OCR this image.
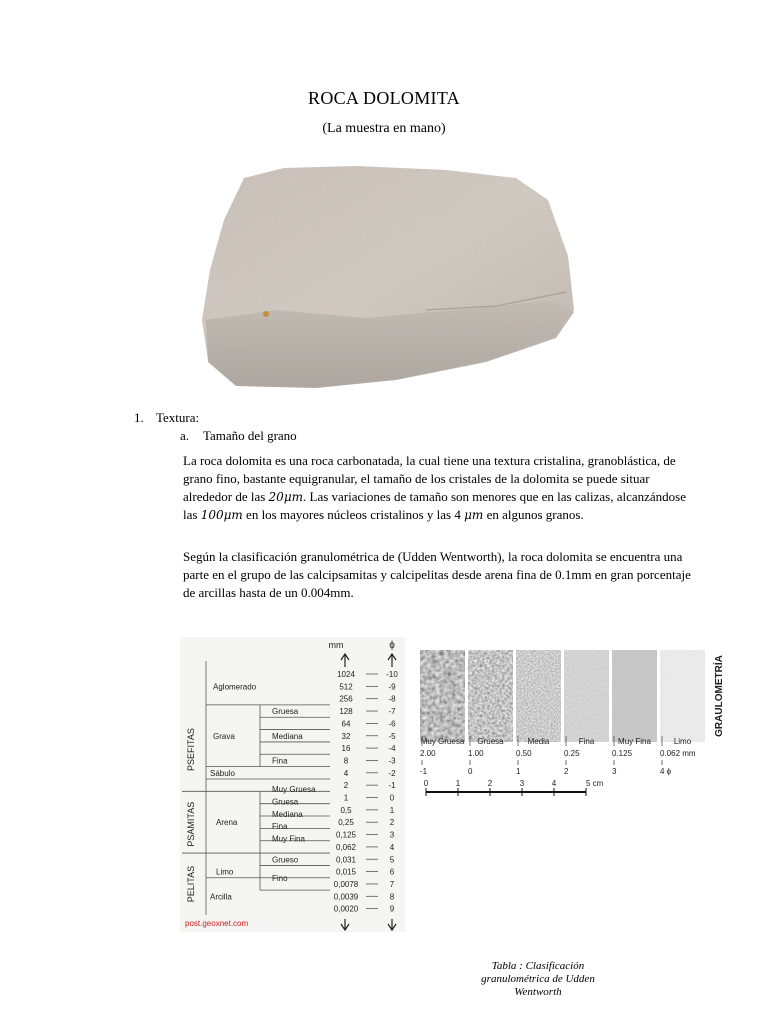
ROCA DOLOMITA
(La muestra en mano)
1. Textura:
a. Tamaño del grano
La roca dolomita es una roca carbonatada, la cual tiene una textura cristalina, granoblástica, de grano fino, bastante equigranular, el tamaño de los cristales de la dolomita se puede situar alrededor de las 20μm. Las variaciones de tamaño son menores que en las calizas, alcanzándose las 100μm en los mayores núcleos cristalinos y las 4 μm en algunos granos.
Según la clasificación granulométrica de (Udden Wentworth), la roca dolomita se encuentra una parte en el grupo de las calcipsamitas y calcipelitas desde arena fina de 0.1mm en gran porcentaje de arcillas hasta de un 0.004mm.
mm	ϕ
1024	-10
512	-9
256	-8
128	-7
64	-6
32	-5
16	-4
8	-3
4	-2
2	-1
1	0
0,5	1
0,25	2
0,125	3
0,062	4
0,031	5
0,015	6
0,0078	7
0,0039	8
0,0020	9
PSEFITAS
PSAMITAS
PELITAS
Aglomerado
Grava
Sábulo
Arena
Limo
Arcilla
Gruesa
Mediana
Fina
Muy Gruesa
Gruesa
Mediana
Fina
Muy Fina
Grueso
Fino
post.geoxnet.com
Muy Gruesa
2.00
-1
Gruesa
1.00
0
Media
0.50
1
Fina
0.25
2
Muy Fina
0.125
3
Limo
0.062 mm
4 ϕ
GRAULOMETRÍA
0	1	2	3	4	5 cm
Tabla : Clasificación granulométrica de Udden Wentworth
